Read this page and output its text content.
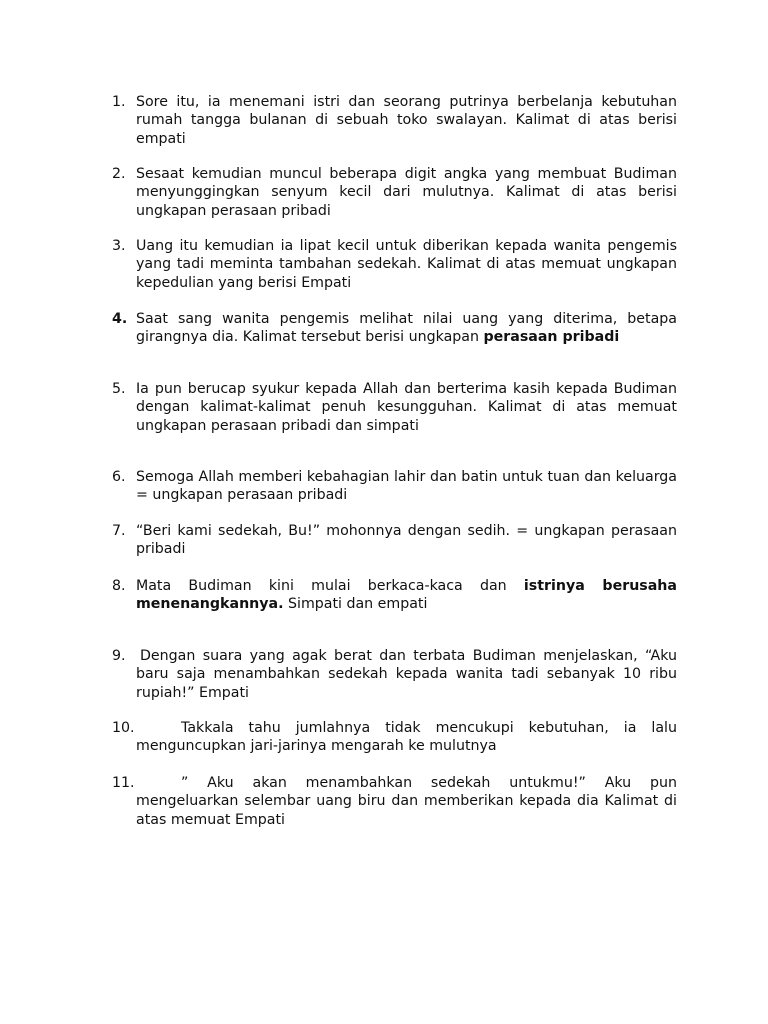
1. Sore itu, ia menemani istri dan seorang putrinya berbelanja kebutuhan rumah tangga bulanan di sebuah toko swalayan. Kalimat di atas berisi empati
2. Sesaat kemudian muncul beberapa digit angka yang membuat Budiman menyunggingkan senyum kecil dari mulutnya. Kalimat di atas berisi ungkapan perasaan pribadi
3. Uang itu kemudian ia lipat kecil untuk diberikan kepada wanita pengemis yang tadi meminta tambahan sedekah. Kalimat di atas memuat ungkapan kepedulian yang berisi Empati
4. Saat sang wanita pengemis melihat nilai uang yang diterima, betapa girangnya dia. Kalimat tersebut berisi ungkapan perasaan pribadi
5. Ia pun berucap syukur kepada Allah dan berterima kasih kepada Budiman dengan kalimat-kalimat penuh kesungguhan. Kalimat di atas memuat ungkapan perasaan pribadi dan simpati
6. Semoga Allah memberi kebahagian lahir dan batin untuk tuan dan keluarga = ungkapan perasaan pribadi
7. “Beri kami sedekah, Bu!” mohonnya dengan sedih. = ungkapan perasaan pribadi
8. Mata Budiman kini mulai berkaca-kaca dan istrinya berusaha menenangkannya. Simpati dan empati
9.	Dengan suara yang agak berat dan terbata Budiman menjelaskan, “Aku baru saja menambahkan sedekah kepada wanita tadi sebanyak 10 ribu rupiah!” Empati
10.	Takkala tahu jumlahnya tidak mencukupi kebutuhan, ia lalu menguncupkan jari-jarinya mengarah ke mulutnya
11.	” Aku akan menambahkan sedekah untukmu!” Aku pun mengeluarkan selembar uang biru dan memberikan kepada dia Kalimat di atas memuat Empati
